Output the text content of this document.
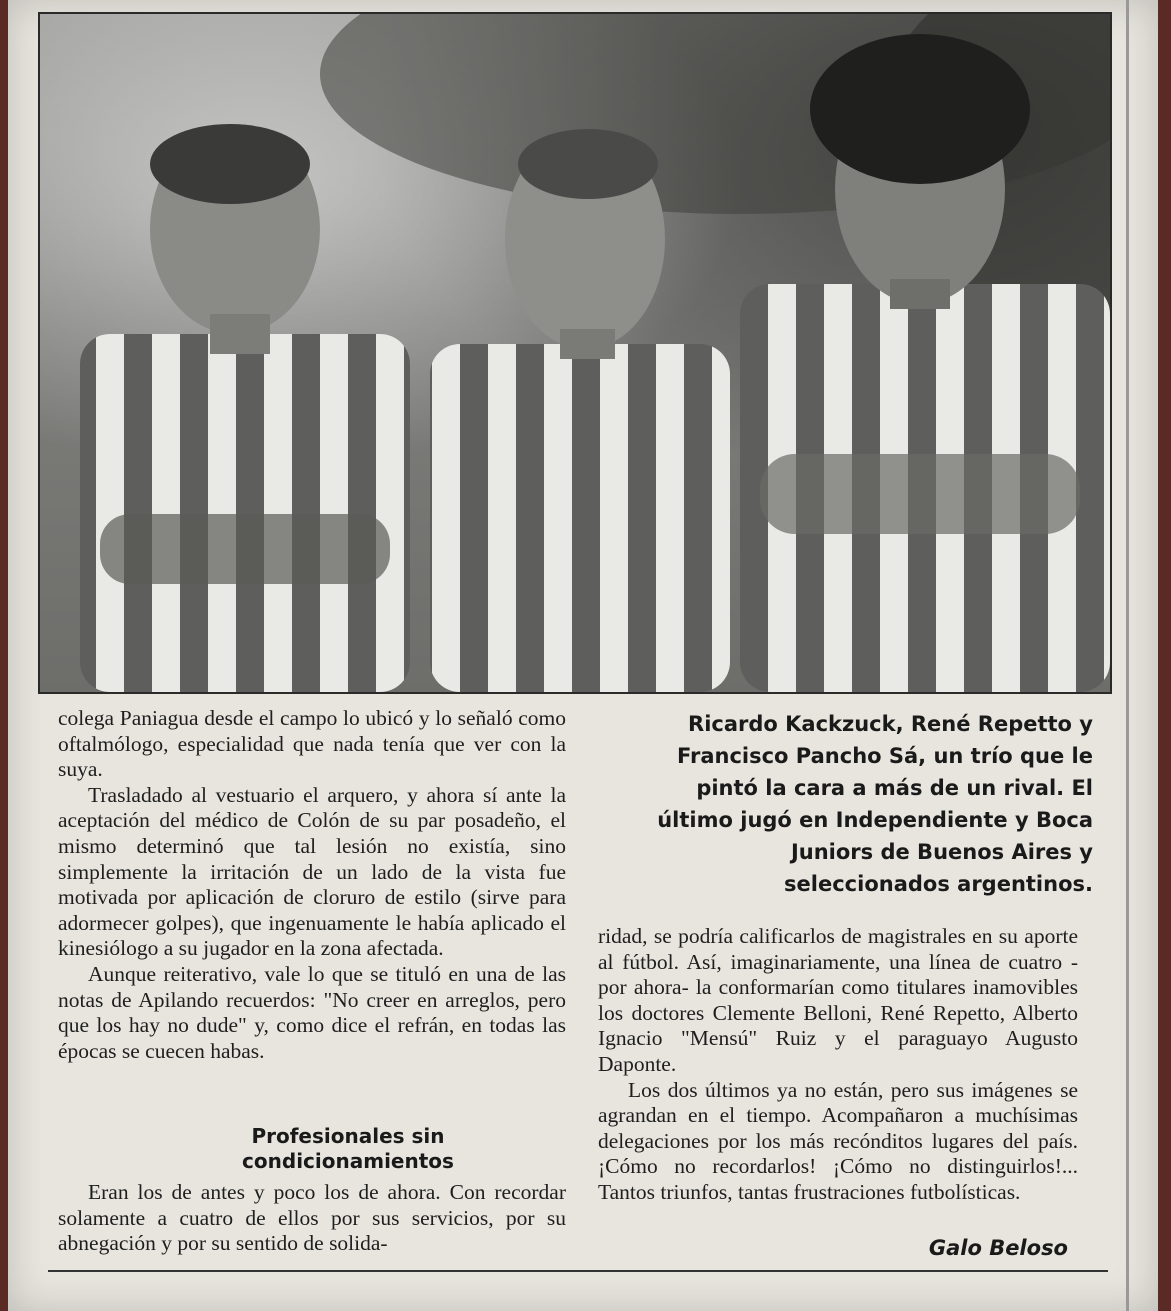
colega Paniagua desde el campo lo ubicó y lo señaló como oftalmólogo, especialidad que nada tenía que ver con la suya.

Trasladado al vestuario el arquero, y ahora sí ante la aceptación del médico de Colón de su par posadeño, el mismo determinó que tal lesión no existía, sino simplemente la irritación de un lado de la vista fue motivada por aplicación de cloruro de estilo (sirve para adormecer golpes), que ingenuamente le había aplicado el kinesiólogo a su jugador en la zona afectada.

Aunque reiterativo, vale lo que se tituló en una de las notas de Apilando recuerdos: "No creer en arreglos, pero que los hay no dude" y, como dice el refrán, en todas las épocas se cuecen habas.

Ricardo Kackzuck, René Repetto y
Francisco Pancho Sá, un trío que le
pintó la cara a más de un rival. El
último jugó en Independiente y Boca
Juniors de Buenos Aires y
seleccionados argentinos.
Profesionales sin
condicionamientos

Eran los de antes y poco los de ahora. Con recordar solamente a cuatro de ellos por sus servicios, por su abnegación y por su sentido de solida-

ridad, se podría calificarlos de magistrales en su aporte al fútbol. Así, imaginariamente, una línea de cuatro -por ahora- la conformarían como titulares inamovibles los doctores Clemente Belloni, René Repetto, Alberto Ignacio "Mensú" Ruiz y el paraguayo Augusto Daponte.

Los dos últimos ya no están, pero sus imágenes se agrandan en el tiempo. Acompañaron a muchísimas delegaciones por los más recónditos lugares del país. ¡Cómo no recordarlos! ¡Cómo no distinguirlos!... Tantos triunfos, tantas frustraciones futbolísticas.

Galo Beloso
